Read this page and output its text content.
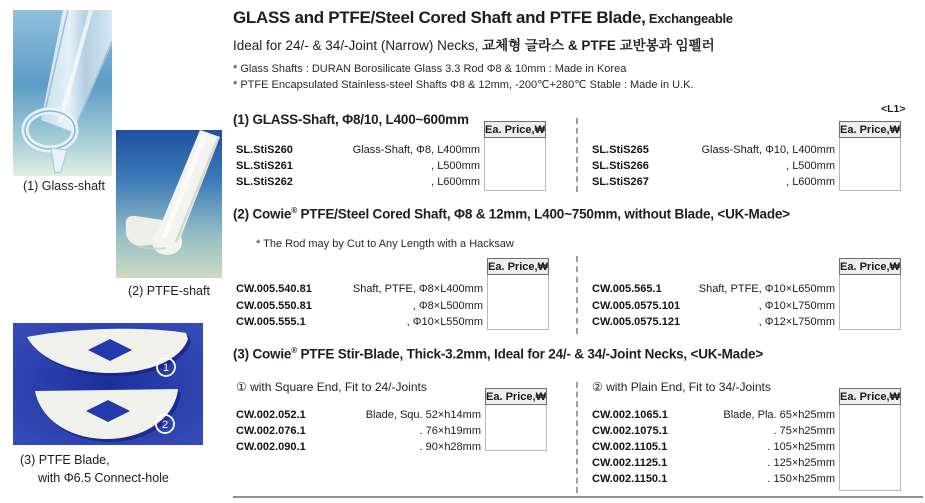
(1) Glass-shaft
(2) PTFE-shaft
1
2
(3) PTFE Blade,
with Φ6.5 Connect-hole
GLASS and PTFE/Steel Cored Shaft and PTFE Blade, Exchangeable
Ideal for 24/- & 34/-Joint (Narrow) Necks, 교체형 글라스 & PTFE 교반봉과 임펠러
* Glass Shafts : DURAN Borosilicate Glass 3.3 Rod Φ8 & 10mm : Made in Korea
* PTFE Encapsulated Stainless-steel Shafts Φ8 & 12mm, -200℃+280℃ Stable : Made in U.K.
<L1>
(1) GLASS-Shaft, Φ8/10, L400~600mm
Ea. Price,₩
SL.StiS260	Glass-Shaft, Φ8, L400mm
SL.StiS261	, L500mm
SL.StiS262	, L600mm
Ea. Price,₩
SL.StiS265	Glass-Shaft, Φ10, L400mm
SL.StiS266	, L500mm
SL.StiS267	, L600mm
(2) Cowie® PTFE/Steel Cored Shaft, Φ8 & 12mm, L400~750mm, without Blade, <UK-Made>
* The Rod may by Cut to Any Length with a Hacksaw
Ea. Price,₩
CW.005.540.81	Shaft, PTFE, Φ8×L400mm
CW.005.550.81	, Φ8×L500mm
CW.005.555.1	, Φ10×L550mm
Ea. Price,₩
CW.005.565.1	Shaft, PTFE, Φ10×L650mm
CW.005.0575.101	, Φ10×L750mm
CW.005.0575.121	, Φ12×L750mm
(3) Cowie® PTFE Stir-Blade, Thick-3.2mm, Ideal for 24/- & 34/-Joint Necks, <UK-Made>
① with Square End, Fit to 24/-Joints
Ea. Price,₩
CW.002.052.1	Blade, Squ. 52×h14mm
CW.002.076.1	. 76×h19mm
CW.002.090.1	. 90×h28mm
② with Plain End, Fit to 34/-Joints
Ea. Price,₩
CW.002.1065.1	Blade, Pla. 65×h25mm
CW.002.1075.1	. 75×h25mm
CW.002.1105.1	. 105×h25mm
CW.002.1125.1	. 125×h25mm
CW.002.1150.1	. 150×h25mm
